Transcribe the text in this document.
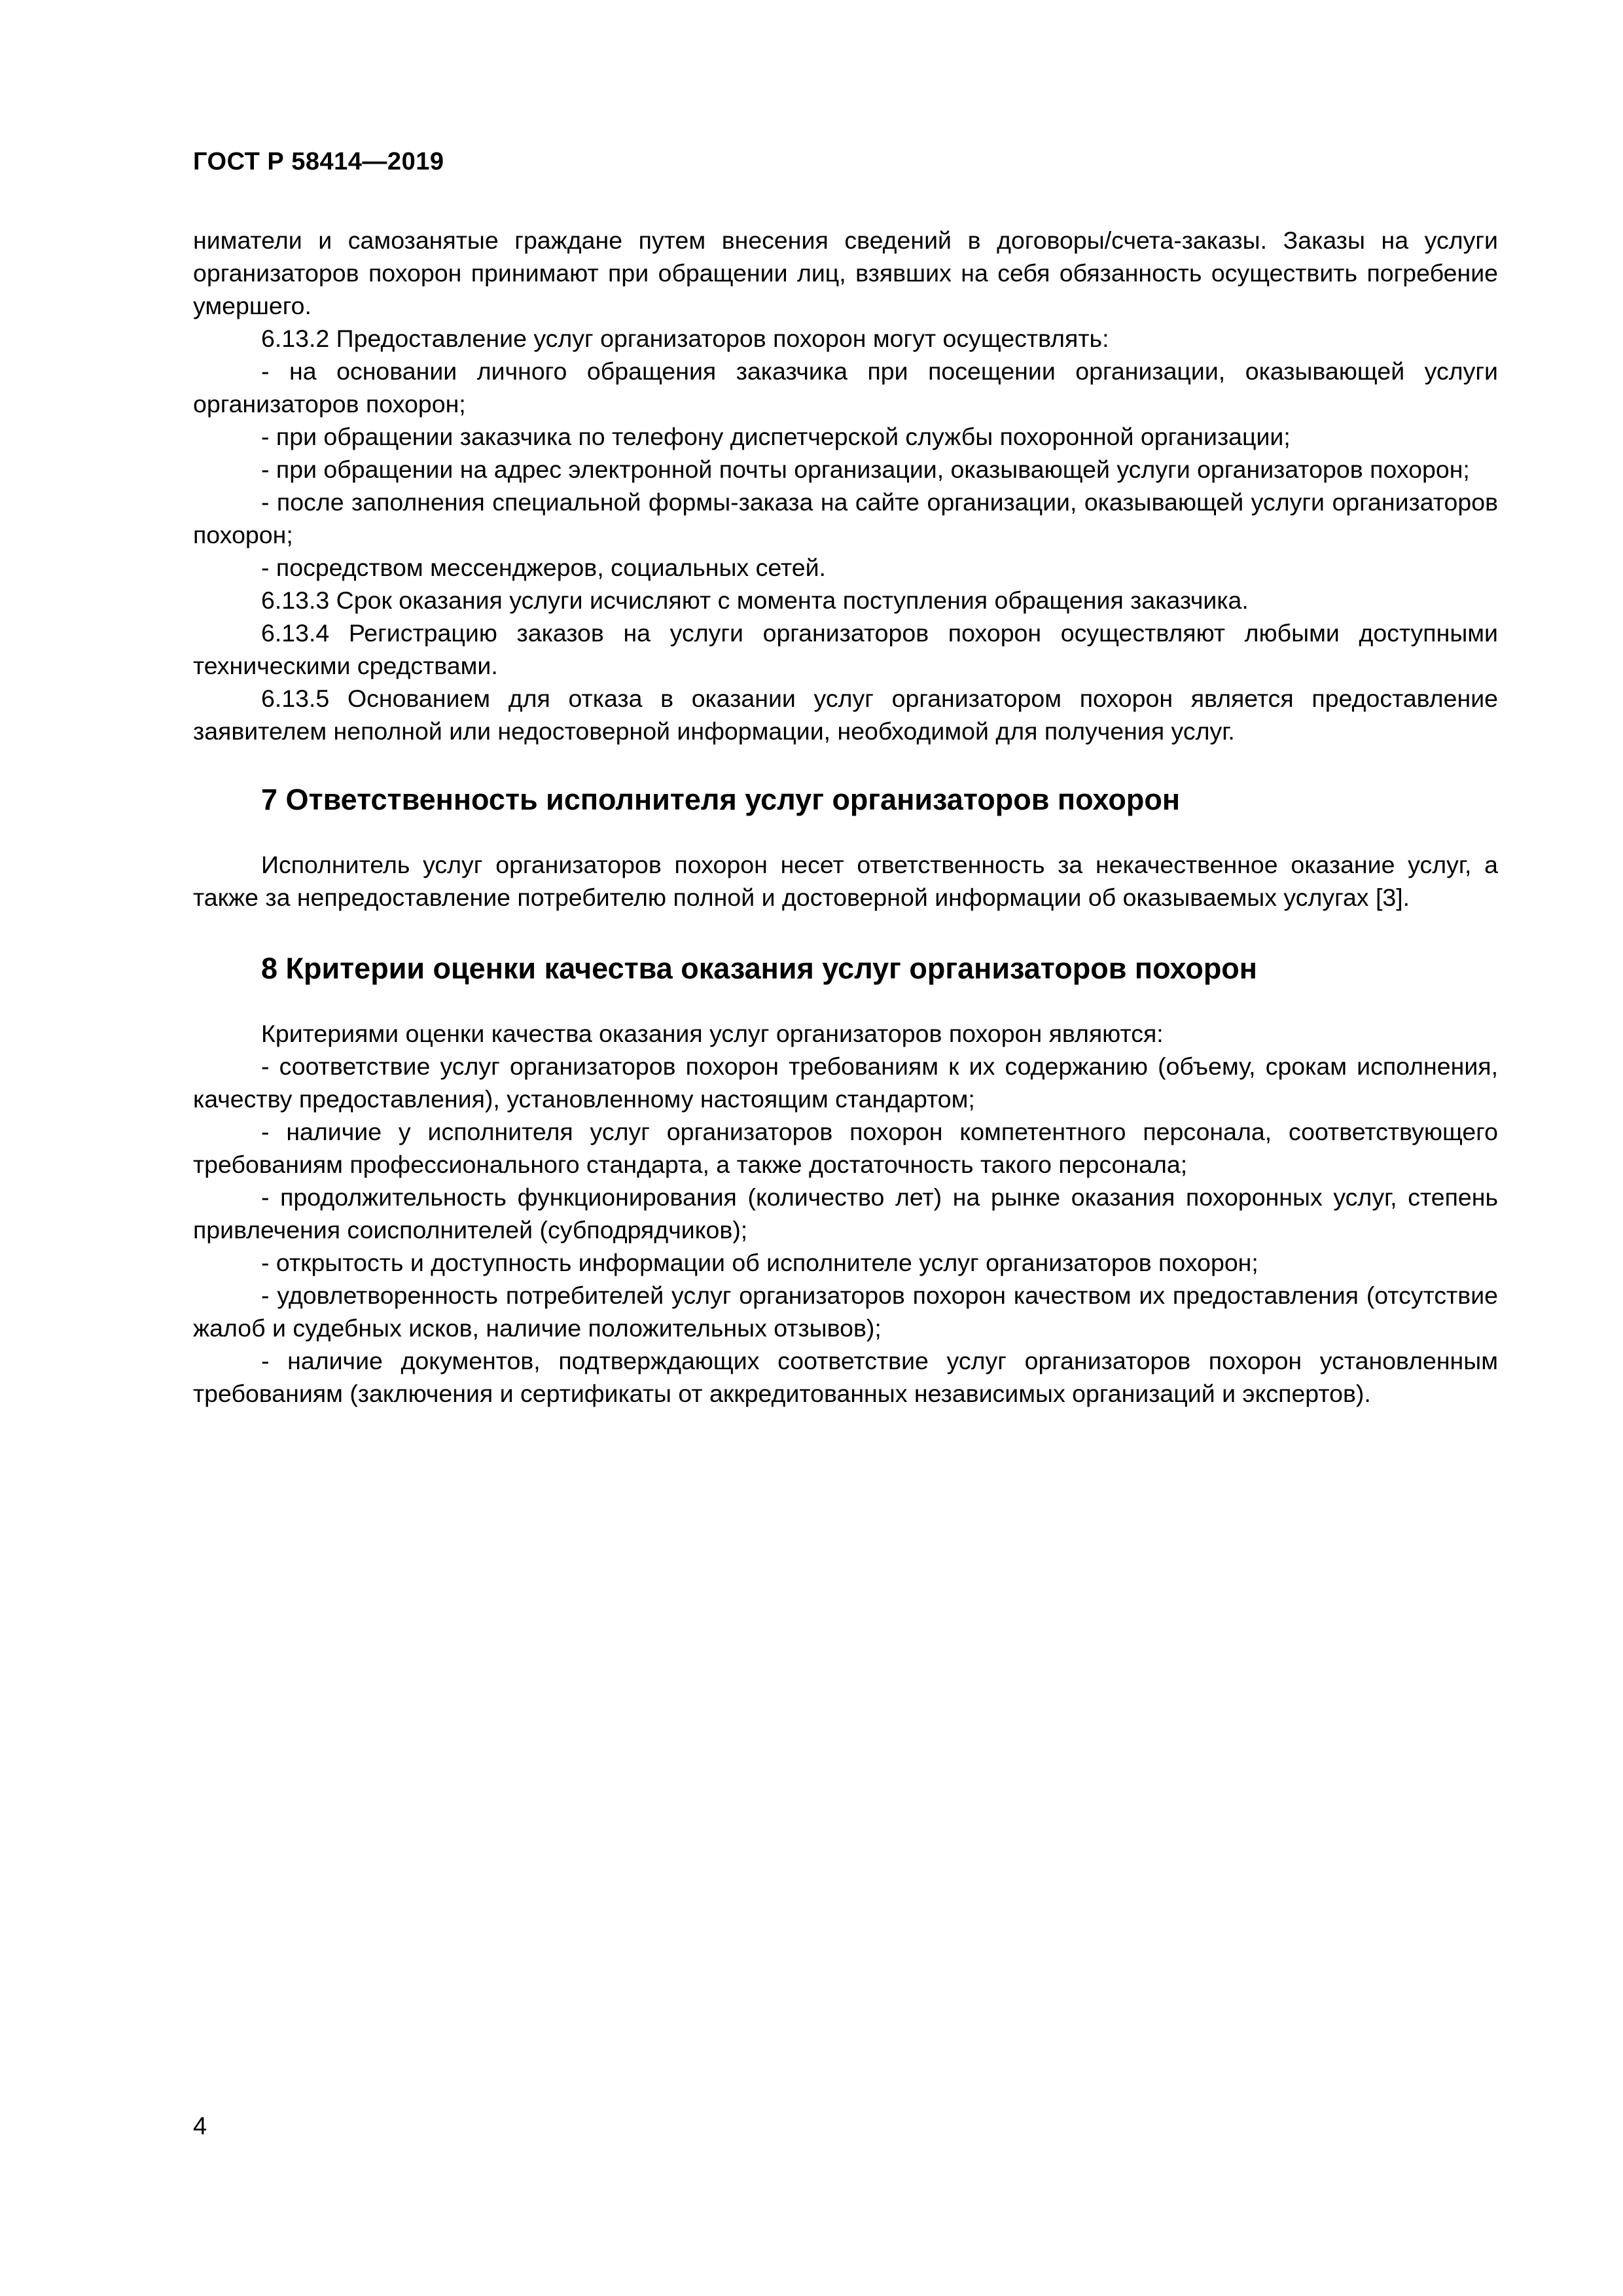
ГОСТ Р 58414—2019

ниматели и самозанятые граждане путем внесения сведений в договоры/счета-заказы. Заказы на услуги организаторов похорон принимают при обращении лиц, взявших на себя обязанность осуществить погребение умершего.

6.13.2 Предоставление услуг организаторов похорон могут осуществлять:

- на основании личного обращения заказчика при посещении организации, оказывающей услуги организаторов похорон;

- при обращении заказчика по телефону диспетчерской службы похоронной организации;

- при обращении на адрес электронной почты организации, оказывающей услуги организаторов похорон;

- после заполнения специальной формы-заказа на сайте организации, оказывающей услуги организаторов похорон;

- посредством мессенджеров, социальных сетей.

6.13.3 Срок оказания услуги исчисляют с момента поступления обращения заказчика.

6.13.4 Регистрацию заказов на услуги организаторов похорон осуществляют любыми доступными техническими средствами.

6.13.5 Основанием для отказа в оказании услуг организатором похорон является предоставление заявителем неполной или недостоверной информации, необходимой для получения услуг.

7 Ответственность исполнителя услуг организаторов похорон

Исполнитель услуг организаторов похорон несет ответственность за некачественное оказание услуг, а также за непредоставление потребителю полной и достоверной информации об оказываемых услугах [3].

8 Критерии оценки качества оказания услуг организаторов похорон

Критериями оценки качества оказания услуг организаторов похорон являются:

- соответствие услуг организаторов похорон требованиям к их содержанию (объему, срокам исполнения, качеству предоставления), установленному настоящим стандартом;

- наличие у исполнителя услуг организаторов похорон компетентного персонала, соответствующего требованиям профессионального стандарта, а также достаточность такого персонала;

- продолжительность функционирования (количество лет) на рынке оказания похоронных услуг, степень привлечения соисполнителей (субподрядчиков);

- открытость и доступность информации об исполнителе услуг организаторов похорон;

- удовлетворенность потребителей услуг организаторов похорон качеством их предоставления (отсутствие жалоб и судебных исков, наличие положительных отзывов);

- наличие документов, подтверждающих соответствие услуг организаторов похорон установленным требованиям (заключения и сертификаты от аккредитованных независимых организаций и экспертов).

4
